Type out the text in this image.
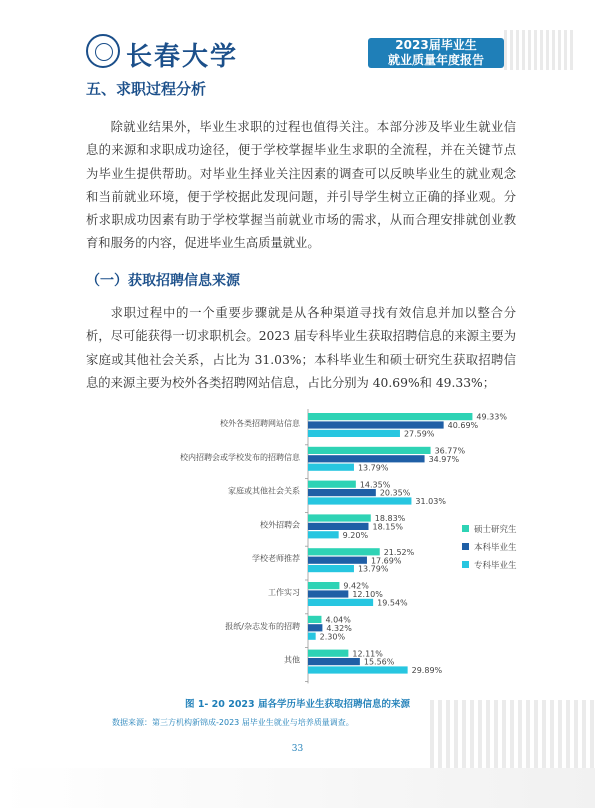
长春大学	2023届毕业生
就业质量年度报告
五、求职过程分析

除就业结果外，毕业生求职的过程也值得关注。本部分涉及毕业生就业信息的来源和求职成功途径，便于学校掌握毕业生求职的全流程，并在关键节点为毕业生提供帮助。对毕业生择业关注因素的调查可以反映毕业生的就业观念和当前就业环境，便于学校据此发现问题，并引导学生树立正确的择业观。分析求职成功因素有助于学校掌握当前就业市场的需求，从而合理安排就创业教育和服务的内容，促进毕业生高质量就业。

（一）获取招聘信息来源

求职过程中的一个重要步骤就是从各种渠道寻找有效信息并加以整合分析，尽可能获得一切求职机会。2023 届专科毕业生获取招聘信息的来源主要为家庭或其他社会关系，占比为 31.03%；本科毕业生和硕士研究生获取招聘信息的来源主要为校外各类招聘网站信息，占比分别为 40.69%和 49.33%；

校外各类招聘网站信息
49.33%
40.69%
27.59%
校内招聘会或学校发布的招聘信息
36.77%
34.97%
13.79%
家庭或其他社会关系
14.35%
20.35%
31.03%
校外招聘会
18.83%
18.15%
9.20%
学校老师推荐
21.52%
17.69%
13.79%
工作实习
9.42%
12.10%
19.54%
报纸/杂志发布的招聘
4.04%
4.32%
2.30%
其他
12.11%
15.56%
29.89%
硕士研究生
本科毕业生
专科毕业生
图 1- 20 2023 届各学历毕业生获取招聘信息的来源
数据来源：第三方机构新锦成-2023 届毕业生就业与培养质量调查。
33
